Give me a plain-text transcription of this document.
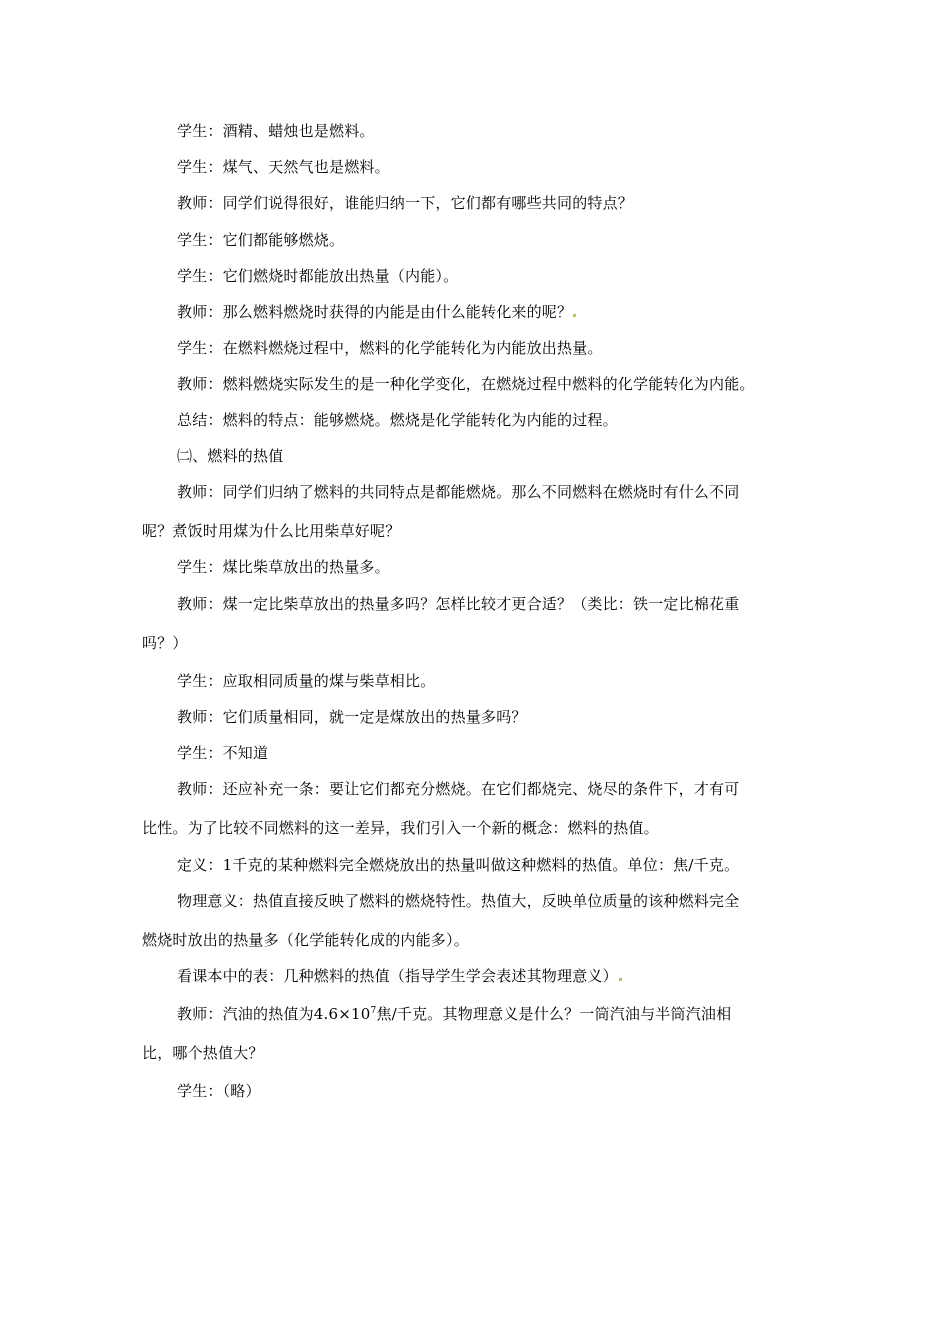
学生：酒精、蜡烛也是燃料。
学生：煤气、天然气也是燃料。
教师：同学们说得很好，谁能归纳一下，它们都有哪些共同的特点？
学生：它们都能够燃烧。
学生：它们燃烧时都能放出热量（内能）。
教师：那么燃料燃烧时获得的内能是由什么能转化来的呢？
学生：在燃料燃烧过程中，燃料的化学能转化为内能放出热量。
教师：燃料燃烧实际发生的是一种化学变化，在燃烧过程中燃料的化学能转化为内能。
总结：燃料的特点：能够燃烧。燃烧是化学能转化为内能的过程。
㈡、燃料的热值
教师：同学们归纳了燃料的共同特点是都能燃烧。那么不同燃料在燃烧时有什么不同
呢？煮饭时用煤为什么比用柴草好呢？
学生：煤比柴草放出的热量多。
教师：煤一定比柴草放出的热量多吗？怎样比较才更合适？（类比：铁一定比棉花重
吗？）
学生：应取相同质量的煤与柴草相比。
教师：它们质量相同，就一定是煤放出的热量多吗？
学生：不知道
教师：还应补充一条：要让它们都充分燃烧。在它们都烧完、烧尽的条件下，才有可
比性。为了比较不同燃料的这一差异，我们引入一个新的概念：燃料的热值。
定义：1千克的某种燃料完全燃烧放出的热量叫做这种燃料的热值。单位：焦/千克。
物理意义：热值直接反映了燃料的燃烧特性。热值大，反映单位质量的该种燃料完全
燃烧时放出的热量多（化学能转化成的内能多）。
看课本中的表：几种燃料的热值（指导学生学会表述其物理意义）
教师：汽油的热值为$4.6\times 10^7$焦/千克。其物理意义是什么？一筒汽油与半筒汽油相
比，哪个热值大？
学生：（略）
